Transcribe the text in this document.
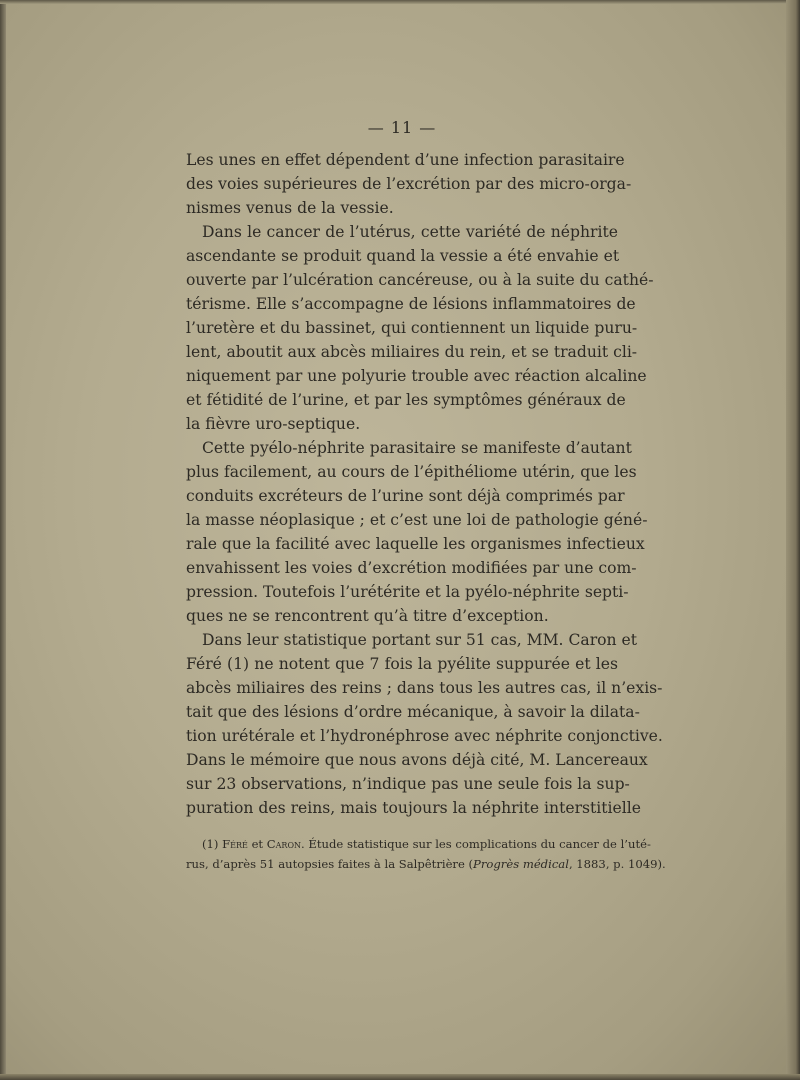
— 11 —
Les unes en effet dépendent d’une infection parasitaire
des voies supérieures de l’excrétion par des micro-orga-
nismes venus de la vessie.
Dans le cancer de l’utérus, cette variété de néphrite
ascendante se produit quand la vessie a été envahie et
ouverte par l’ulcération cancéreuse, ou à la suite du cathé-
térisme. Elle s’accompagne de lésions inflammatoires de
l’uretère et du bassinet, qui contiennent un liquide puru-
lent, aboutit aux abcès miliaires du rein, et se traduit cli-
niquement par une polyurie trouble avec réaction alcaline
et fétidité de l’urine, et par les symptômes généraux de
la fièvre uro-septique.
Cette pyélo-néphrite parasitaire se manifeste d’autant
plus facilement, au cours de l’épithéliome utérin, que les
conduits excréteurs de l’urine sont déjà comprimés par
la masse néoplasique ; et c’est une loi de pathologie géné-
rale que la facilité avec laquelle les organismes infectieux
envahissent les voies d’excrétion modifiées par une com-
pression. Toutefois l’urétérite et la pyélo-néphrite septi-
ques ne se rencontrent qu’à titre d’exception.
Dans leur statistique portant sur 51 cas, MM. Caron et
Féré (1) ne notent que 7 fois la pyélite suppurée et les
abcès miliaires des reins ; dans tous les autres cas, il n’exis-
tait que des lésions d’ordre mécanique, à savoir la dilata-
tion urétérale et l’hydronéphrose avec néphrite conjonctive.
Dans le mémoire que nous avons déjà cité, M. Lancereaux
sur 23 observations, n’indique pas une seule fois la sup-
puration des reins, mais toujours la néphrite interstitielle
(1) Féré et Caron. Étude statistique sur les complications du cancer de l’uté-
rus, d’après 51 autopsies faites à la Salpêtrière (Progrès médical, 1883, p. 1049).
